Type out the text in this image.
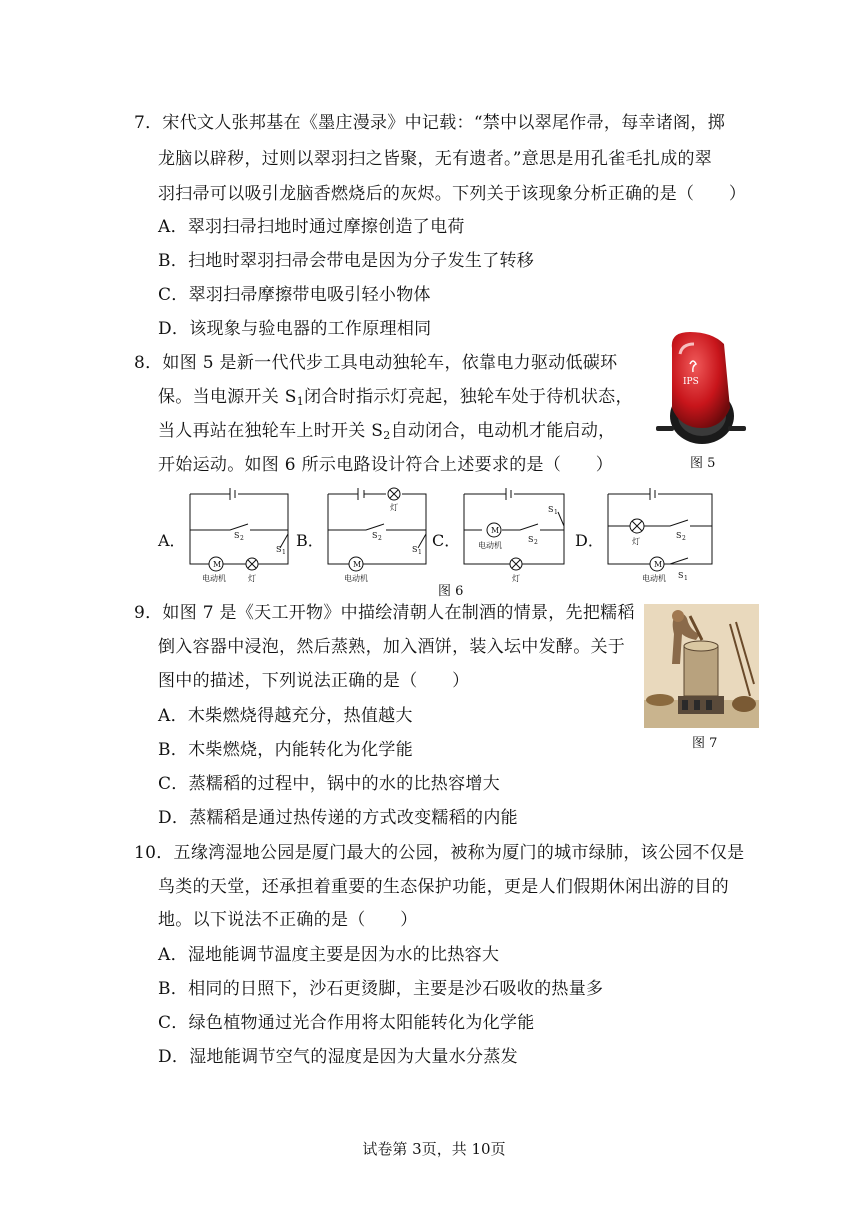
7．宋代文人张邦基在《墨庄漫录》中记载：“禁中以翠尾作帚，每幸诸阁，掷
龙脑以辟秽，过则以翠羽扫之皆聚，无有遗者。”意思是用孔雀毛扎成的翠
羽扫帚可以吸引龙脑香燃烧后的灰烬。下列关于该现象分析正确的是（　　）
A．翠羽扫帚扫地时通过摩擦创造了电荷
B．扫地时翠羽扫帚会带电是因为分子发生了转移
C．翠羽扫帚摩擦带电吸引轻小物体
D．该现象与验电器的工作原理相同
8．如图 5 是新一代代步工具电动独轮车，依靠电力驱动低碳环
保。当电源开关 $S_1$闭合时指示灯亮起，独轮车处于待机状态，
当人再站在独轮车上时开关 $S_2$自动闭合，电动机才能启动，
开始运动。如图 6 所示电路设计符合上述要求的是（　　）
IPS
图 5
A．	B．	C．	D．
M
S 2
S 1
电动机	灯
灯
M
S 2
S 1
电动机
S 1
M
S 2
电动机
灯
灯
S 2
M
电动机 S 1
图 6
9．如图 7 是《天工开物》中描绘清朝人在制酒的情景，先把糯稻
倒入容器中浸泡，然后蒸熟，加入酒饼，装入坛中发酵。关于
图中的描述，下列说法正确的是（　　）
A．木柴燃烧得越充分，热值越大
B．木柴燃烧，内能转化为化学能
C．蒸糯稻的过程中，锅中的水的比热容增大
D．蒸糯稻是通过热传递的方式改变糯稻的内能
图 7
10．五缘湾湿地公园是厦门最大的公园，被称为厦门的城市绿肺，该公园不仅是
鸟类的天堂，还承担着重要的生态保护功能，更是人们假期休闲出游的目的
地。以下说法不正确的是（　　）
A．湿地能调节温度主要是因为水的比热容大
B．相同的日照下，沙石更烫脚，主要是沙石吸收的热量多
C．绿色植物通过光合作用将太阳能转化为化学能
D．湿地能调节空气的湿度是因为大量水分蒸发
试卷第 3页，共 10页
